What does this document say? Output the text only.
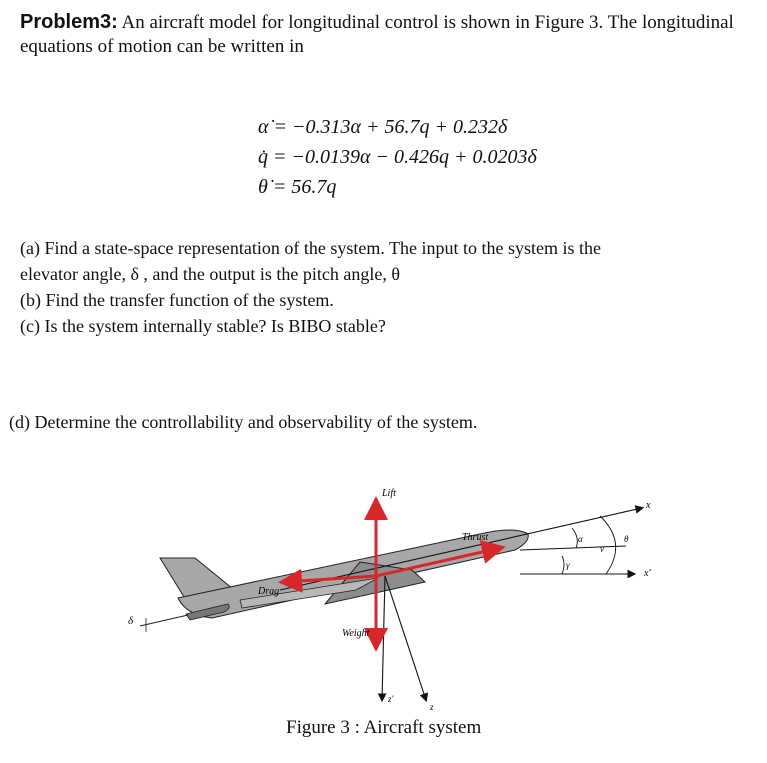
Problem3: An aircraft model for longitudinal control is shown in Figure 3. The longitudinal equations of motion can be written in
α̇ = −0.313α + 56.7q + 0.232δ
q̇ = −0.0139α − 0.426q + 0.0203δ
θ̇ = 56.7q
(a) Find a state-space representation of the system. The input to the system is the
elevator angle, δ , and the output is the pitch angle, θ
(b) Find the transfer function of the system.
(c) Is the system internally stable? Is BIBO stable?
(d) Determine the controllability and observability of the system.
Lift
Thrust
Drag
Weight
δ
α
γ
v
θ
x
x'
z
z'
Figure 3 : Aircraft system
